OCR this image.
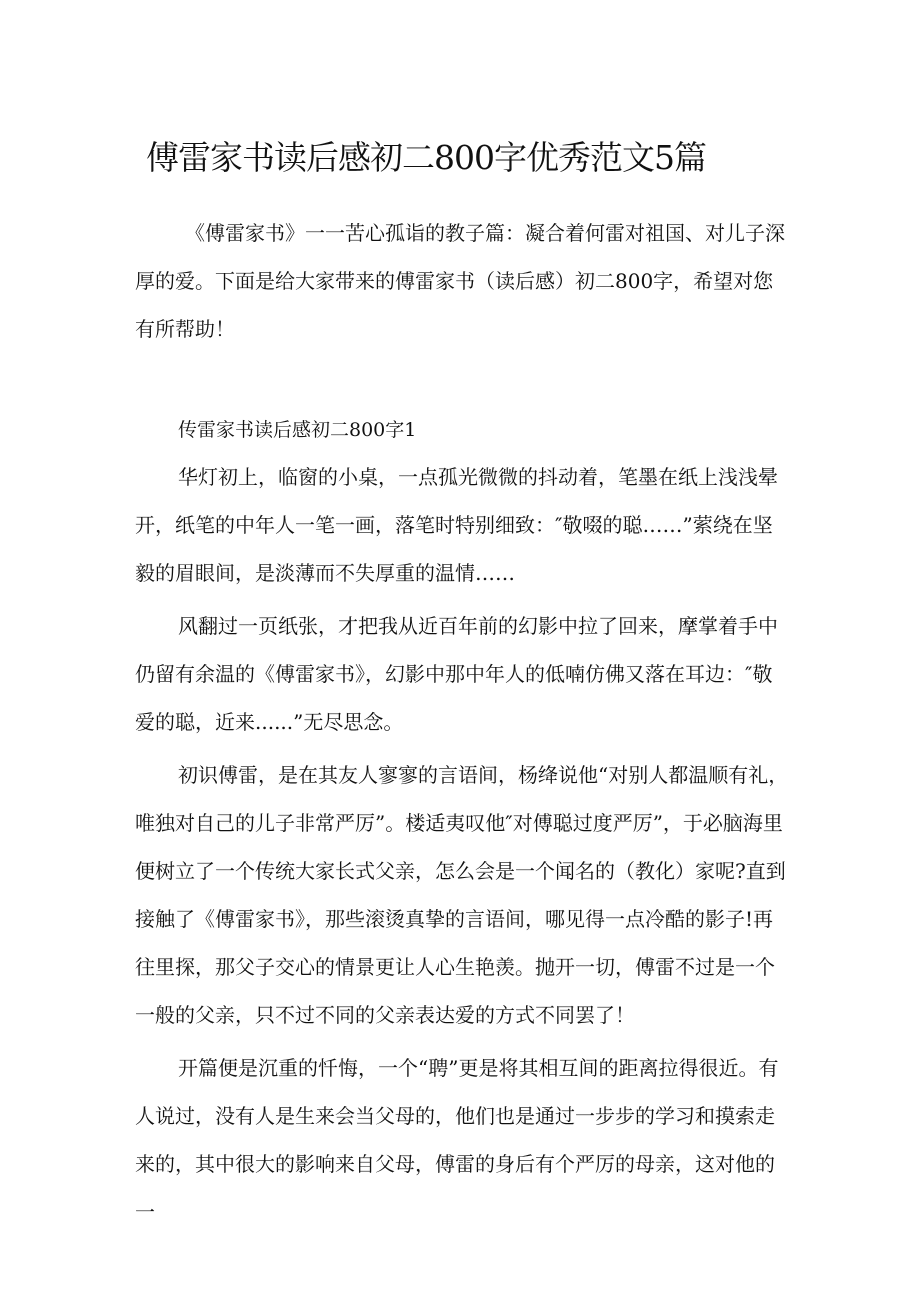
傅雷家书读后感初二800字优秀范文5篇

《傅雷家书》一一苦心孤诣的教子篇：凝合着何雷对祖国、对儿子深厚的爱。下面是给大家带来的傅雷家书（读后感）初二800字，希望对您有所帮助！

传雷家书读后感初二800字1

华灯初上，临窗的小桌，一点孤光微微的抖动着，笔墨在纸上浅浅晕开，纸笔的中年人一笔一画，落笔时特别细致：″敬啜的聪……”萦绕在坚毅的眉眼间，是淡薄而不失厚重的温情……

风翻过一页纸张，才把我从近百年前的幻影中拉了回来，摩掌着手中仍留有余温的《傅雷家书》，幻影中那中年人的低喃仿佛又落在耳边：″敬爱的聪，近来......”无尽思念。

初识傅雷，是在其友人寥寥的言语间，杨绛说他“对别人都温顺有礼，唯独对自己的儿子非常严厉”。楼适夷叹他″对傅聪过度严厉”，于必脑海里便树立了一个传统大家长式父亲，怎么会是一个闻名的（教化）家呢?直到接触了《傅雷家书》，那些滚烫真挚的言语间，哪见得一点冷酷的影子!再往里探，那父子交心的情景更让人心生艳羡。抛开一切，傅雷不过是一个一般的父亲，只不过不同的父亲表达爱的方式不同罢了！

开篇便是沉重的忏悔，一个“聘”更是将其相互间的距离拉得很近。有人说过，没有人是生来会当父母的，他们也是通过一步步的学习和摸索走来的，其中很大的影响来自父母，傅雷的身后有个严厉的母亲，这对他的一
